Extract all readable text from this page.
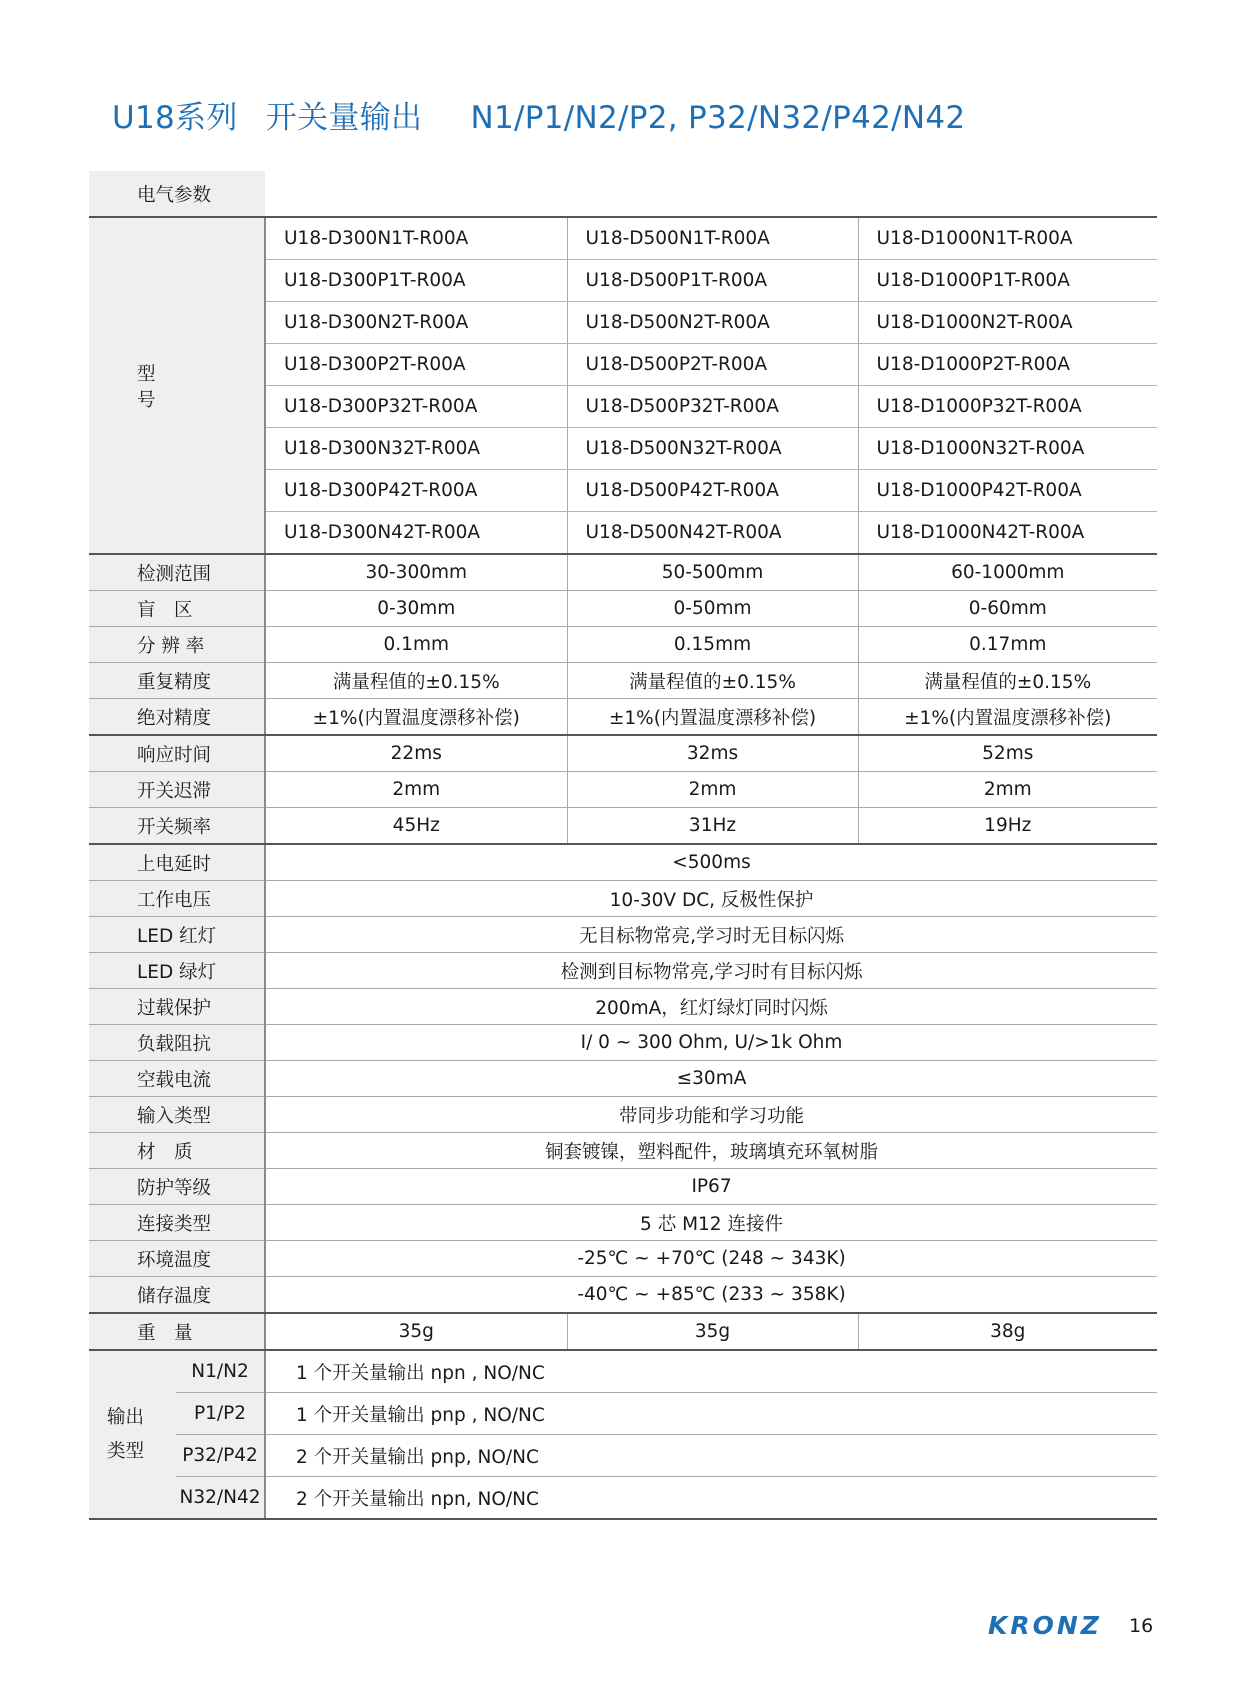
U18系列 开关量输出 N1/P1/N2/P2, P32/N32/P42/N42
电气参数				
型 号		U18-D300N1T-R00A	U18-D500N1T-R00A	U18-D1000N1T-R00A
		U18-D300P1T-R00A	U18-D500P1T-R00A	U18-D1000P1T-R00A
		U18-D300N2T-R00A	U18-D500N2T-R00A	U18-D1000N2T-R00A
		U18-D300P2T-R00A	U18-D500P2T-R00A	U18-D1000P2T-R00A
		U18-D300P32T-R00A	U18-D500P32T-R00A	U18-D1000P32T-R00A
		U18-D300N32T-R00A	U18-D500N32T-R00A	U18-D1000N32T-R00A
		U18-D300P42T-R00A	U18-D500P42T-R00A	U18-D1000P42T-R00A
		U18-D300N42T-R00A	U18-D500N42T-R00A	U18-D1000N42T-R00A
检测范围		30-300mm	50-500mm	60-1000mm
盲　区		0-30mm	0-50mm	0-60mm
分 辨 率		0.1mm	0.15mm	0.17mm
重复精度		满量程值的±0.15%	满量程值的±0.15%	满量程值的±0.15%
绝对精度		±1%(内置温度漂移补偿)	±1%(内置温度漂移补偿)	±1%(内置温度漂移补偿)
响应时间		22ms	32ms	52ms
开关迟滞		2mm	2mm	2mm
开关频率		45Hz	31Hz	19Hz
上电延时		<500ms		
工作电压		10-30V DC, 反极性保护		
LED 红灯		无目标物常亮,学习时无目标闪烁		
LED 绿灯		检测到目标物常亮,学习时有目标闪烁		
过载保护		200mA，红灯绿灯同时闪烁		
负载阻抗		I/ 0 ~ 300 Ohm, U/>1k Ohm		
空载电流		≤30mA		
输入类型		带同步功能和学习功能		
材　质		铜套镀镍，塑料配件，玻璃填充环氧树脂		
防护等级		IP67		
连接类型		5 芯 M12 连接件		
环境温度		-25℃ ~ +70℃ (248 ~ 343K)		
储存温度		-40℃ ~ +85℃ (233 ~ 358K)		
重　量		35g	35g	38g

输出
类型	N1/N2	1 个开关量输出 npn , NO/NC		
	P1/P2	1 个开关量输出 pnp , NO/NC		
	P32/P42	2 个开关量输出 pnp, NO/NC		
	N32/N42	2 个开关量输出 npn, NO/NC		
KRONZ 16
